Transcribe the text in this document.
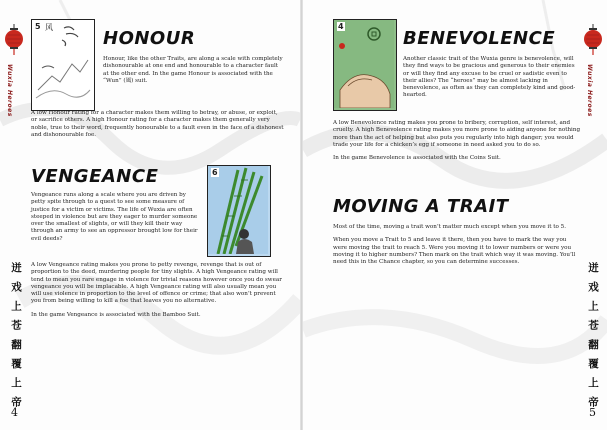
Wuxia Heroes
迸 戏 上 苍 翻 覆 上 帝
4
5 风
HONOUR

Honour, like the other Traits, are along a scale with completely dishonourable at one end and honourable to a character fault at the other end. In the game Honour is associated with the “Wun” (風) suit.

A low Honour rating for a character makes them willing to betray, or abuse, or exploit, or sacrifice others. A high Honour rating for a character makes them generally very noble, true to their word, frequently honourable to a fault even in the face of a dishonest and dishonourable foe.

VENGEANCE	6

Vengeance runs along a scale where you are driven by petty spite through to a quest to see some measure of justice for a victim or victims. The life of Wuxia are often steeped in violence but are they eager to murder someone over the smallest of slights, or will they kill their way through an army to see an oppressor brought low for their evil deeds?

A low Vengeance rating makes you prone to petty revenge, revenge that is out of proportion to the deed, murdering people for tiny slights. A high Vengeance rating will tend to mean you rare engage in violence for trivial reasons however once you do swear vengeance you will be implacable. A high Vengeance rating will also usually mean you will use violence in proportion to the level of offence or crime; that also won’t prevent you from being willing to kill a foe that leaves you no alternative.

In the game Vengeance is associated with the Bamboo Suit.

4
BENEVOLENCE

Another classic trait of the Wuxia genre is benevolence, will they find ways to be gracious and generous to their enemies or will they find any excuse to be cruel or sadistic even to their allies? The “heroes” may be almost lacking in benevolence, as often as they can completely kind and good-hearted.

A low Benevolence rating makes you prone to bribery, corruption, self interest, and cruelty. A high Benevolence rating makes you more prone to aiding anyone for nothing more than the act of helping but also puts you regularly into high danger; you would trade your life for a chicken’s egg if someone in need asked you to do so.

In the game Benevolence is associated with the Coins Suit.

MOVING A TRAIT

Most of the time, moving a trait won’t matter much except when you move it to 5.

When you move a Trait to 5 and leave it there, then you have to mark the way you were moving the trait to reach 5. Were you moving it to lower numbers or were you moving it to higher numbers? Then mark on the trait which way it was moving. You’ll need this in the Chance chapter, so you can determine successes.

Wuxia Heroes
迸 戏 上 苍 翻 覆 上 帝
5
